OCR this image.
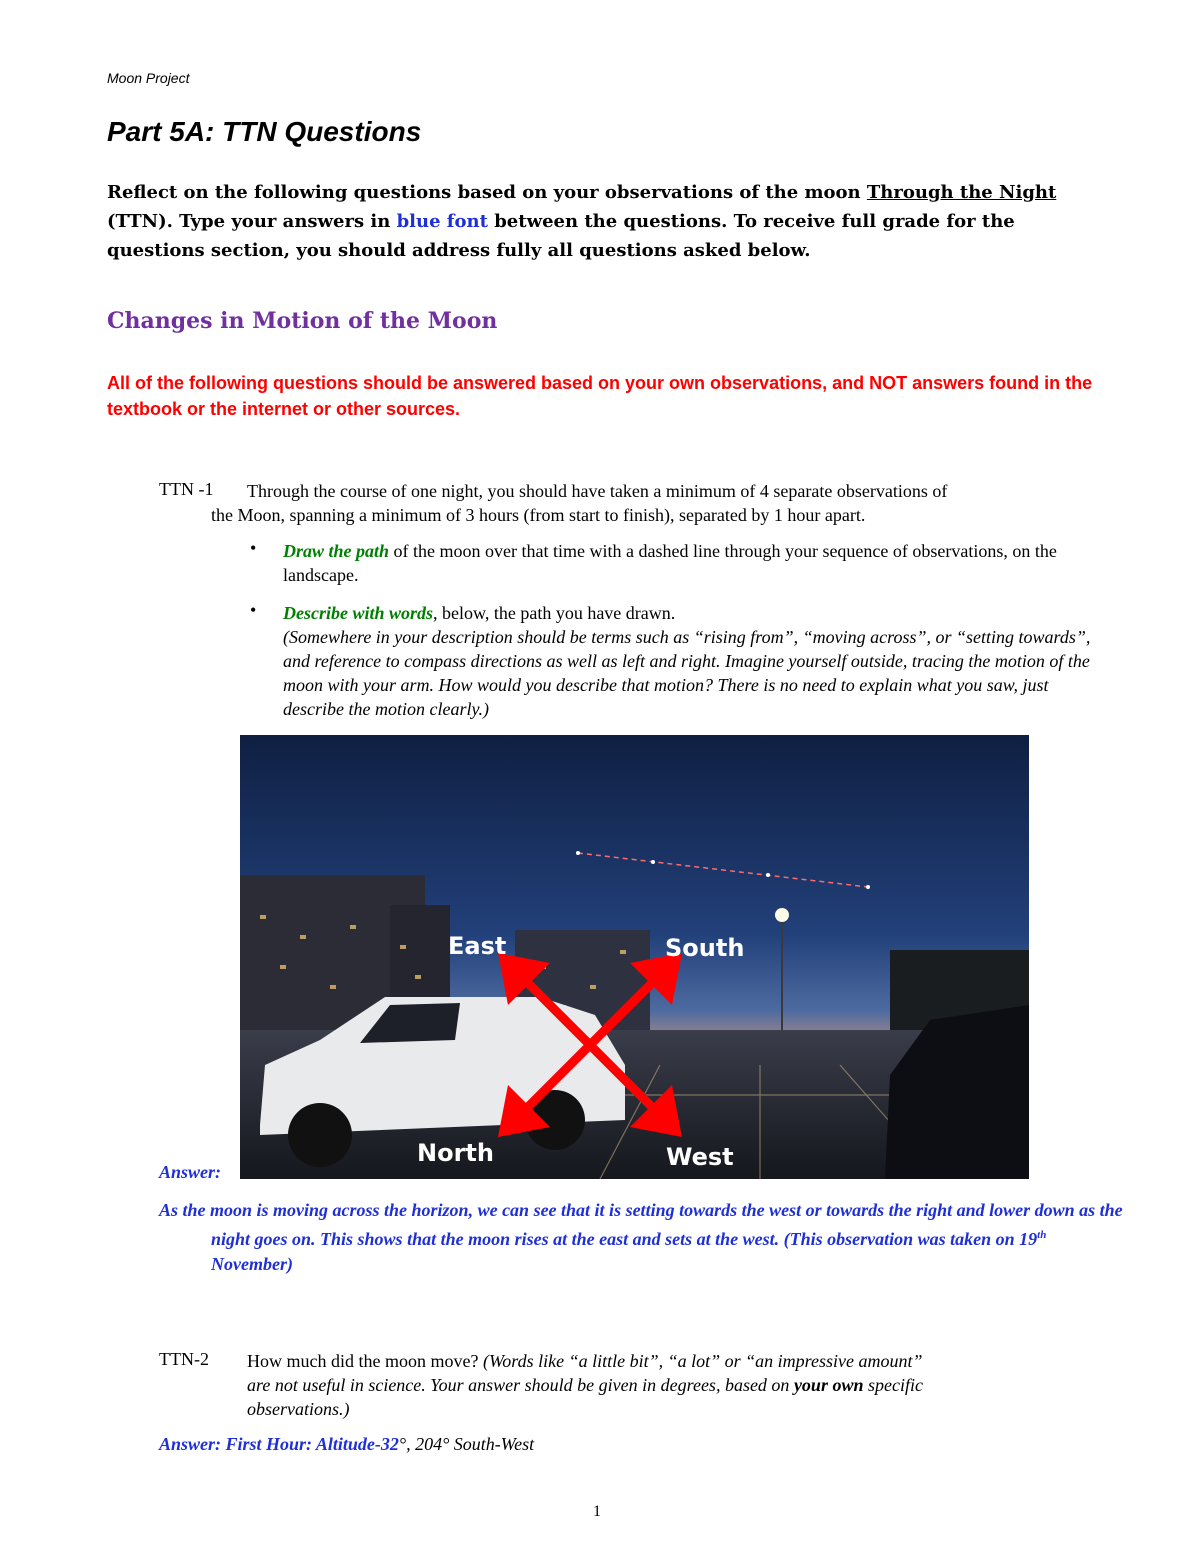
Moon Project
Part 5A: TTN Questions
Reflect on the following questions based on your observations of the moon Through the Night (TTN). Type your answers in blue font between the questions. To receive full grade for the questions section, you should address fully all questions asked below.
Changes in Motion of the Moon
All of the following questions should be answered based on your own observations, and NOT answers found in the textbook or the internet or other sources.
TTN -1 Through the course of one night, you should have taken a minimum of 4 separate observations of
the Moon, spanning a minimum of 3 hours (from start to finish), separated by 1 hour apart.
• Draw the path of the moon over that time with a dashed line through your sequence of observations, on the landscape.
• Describe with words, below, the path you have drawn.
(Somewhere in your description should be terms such as “rising from”, “moving across”, or “setting towards”, and reference to compass directions as well as left and right. Imagine yourself outside, tracing the motion of the moon with your arm. How would you describe that motion? There is no need to explain what you saw, just describe the motion clearly.)
East	South
North	West
Answer:
As the moon is moving across the horizon, we can see that it is setting towards the west or towards the right and lower down as the night goes on. This shows that the moon rises at the east and sets at the west. (This observation was taken on 19th November)
TTN-2 How much did the moon move? (Words like “a little bit”, “a lot” or “an impressive amount”
are not useful in science. Your answer should be given in degrees, based on your own specific
observations.)
Answer: First Hour: Altitude-32°, 204° South-West
1
